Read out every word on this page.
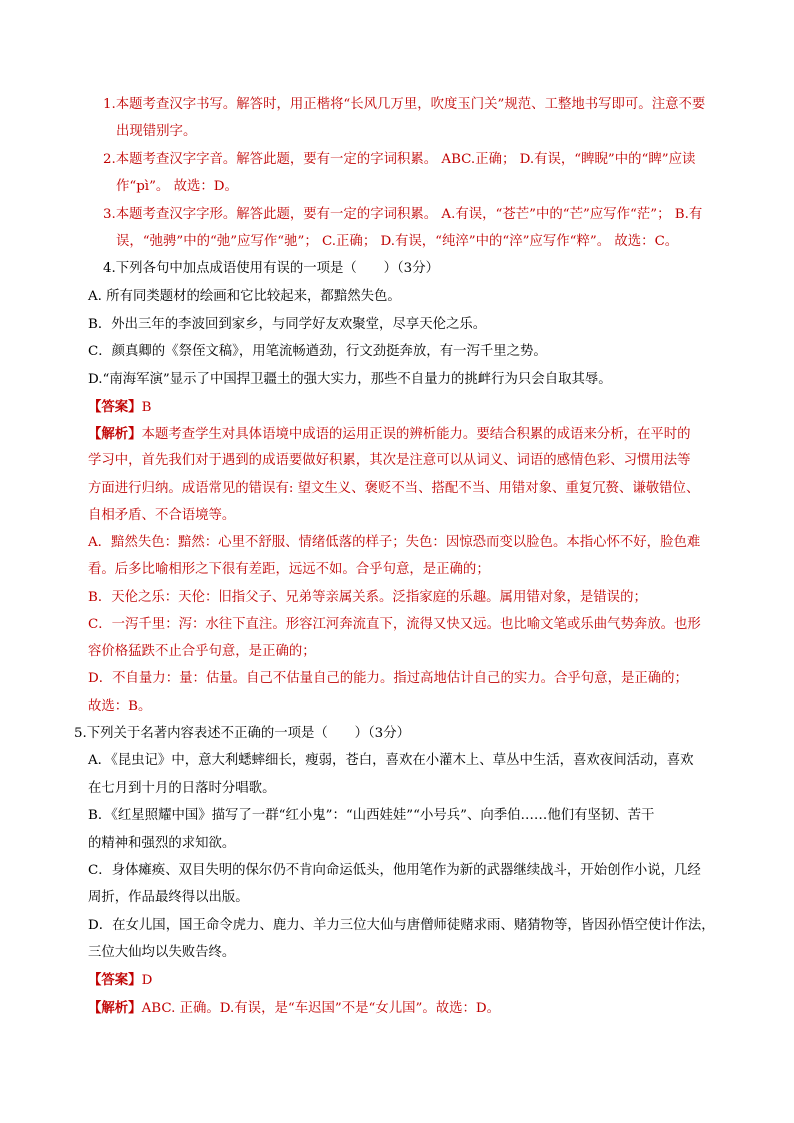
1.本题考查汉字书写。解答时，用正楷将“长风几万里，吹度玉门关”规范、工整地书写即可。注意不要
出现错别字。
2.本题考查汉字字音。解答此题，要有一定的字词积累。 ABC.正确； D.有误，“睥睨”中的“睥”应读
作“pì”。 故选：D。
3.本题考查汉字字形。解答此题，要有一定的字词积累。 A.有误，“苍芒”中的“芒”应写作“茫”； B.有
误，“弛骋”中的“弛”应写作“驰”； C.正确； D.有误，“纯淬”中的“淬”应写作“粹”。 故选：C。
4.下列各句中加点成语使用有误的一项是（　　）（3分）
A. 所有同类题材的绘画和它比较起来，都黯然失色。
B．外出三年的李波回到家乡，与同学好友欢聚堂，尽享天伦之乐。
C．颜真卿的《祭侄文稿》，用笔流畅遒劲，行文劲挺奔放，有一泻千里之势。
D.“南海军演”显示了中国捍卫疆土的强大实力，那些不自量力的挑衅行为只会自取其辱。
【答案】B
【解析】本题考查学生对具体语境中成语的运用正误的辨析能力。要结合积累的成语来分析，在平时的
学习中，首先我们对于遇到的成语要做好积累，其次是注意可以从词义、词语的感情色彩、习惯用法等
方面进行归纳。成语常见的错误有: 望文生义、褒贬不当、搭配不当、用错对象、重复冗赘、谦敬错位、
自相矛盾、不合语境等。
A．黯然失色：黯然：心里不舒服、情绪低落的样子；失色：因惊恐而变以脸色。本指心怀不好，脸色难
看。后多比喻相形之下很有差距，远远不如。合乎句意，是正确的；
B．天伦之乐：天伦：旧指父子、兄弟等亲属关系。泛指家庭的乐趣。属用错对象，是错误的；
C．一泻千里：泻：水往下直注。形容江河奔流直下，流得又快又远。也比喻文笔或乐曲气势奔放。也形
容价格猛跌不止合乎句意，是正确的；
D．不自量力：量：估量。自己不估量自己的能力。指过高地估计自己的实力。合乎句意，是正确的；
故选：B。
5.下列关于名著内容表述不正确的一项是（　　）（3分）
A．《昆虫记》中，意大利蟋蟀细长，瘦弱，苍白，喜欢在小灌木上、草丛中生活，喜欢夜间活动，喜欢
在七月到十月的日落时分唱歌。
B．《红星照耀中国》描写了一群“红小鬼”：“山西娃娃”“小号兵”、向季伯……他们有坚韧、苦干
的精神和强烈的求知欲。
C．身体瘫痪、双目失明的保尔仍不肯向命运低头，他用笔作为新的武器继续战斗，开始创作小说，几经
周折，作品最终得以出版。
D．在女儿国，国王命令虎力、鹿力、羊力三位大仙与唐僧师徒赌求雨、赌猜物等，皆因孙悟空使计作法，
三位大仙均以失败告终。
【答案】D
【解析】ABC. 正确。D.有误，是“车迟国”不是“女儿国”。故选：D。
